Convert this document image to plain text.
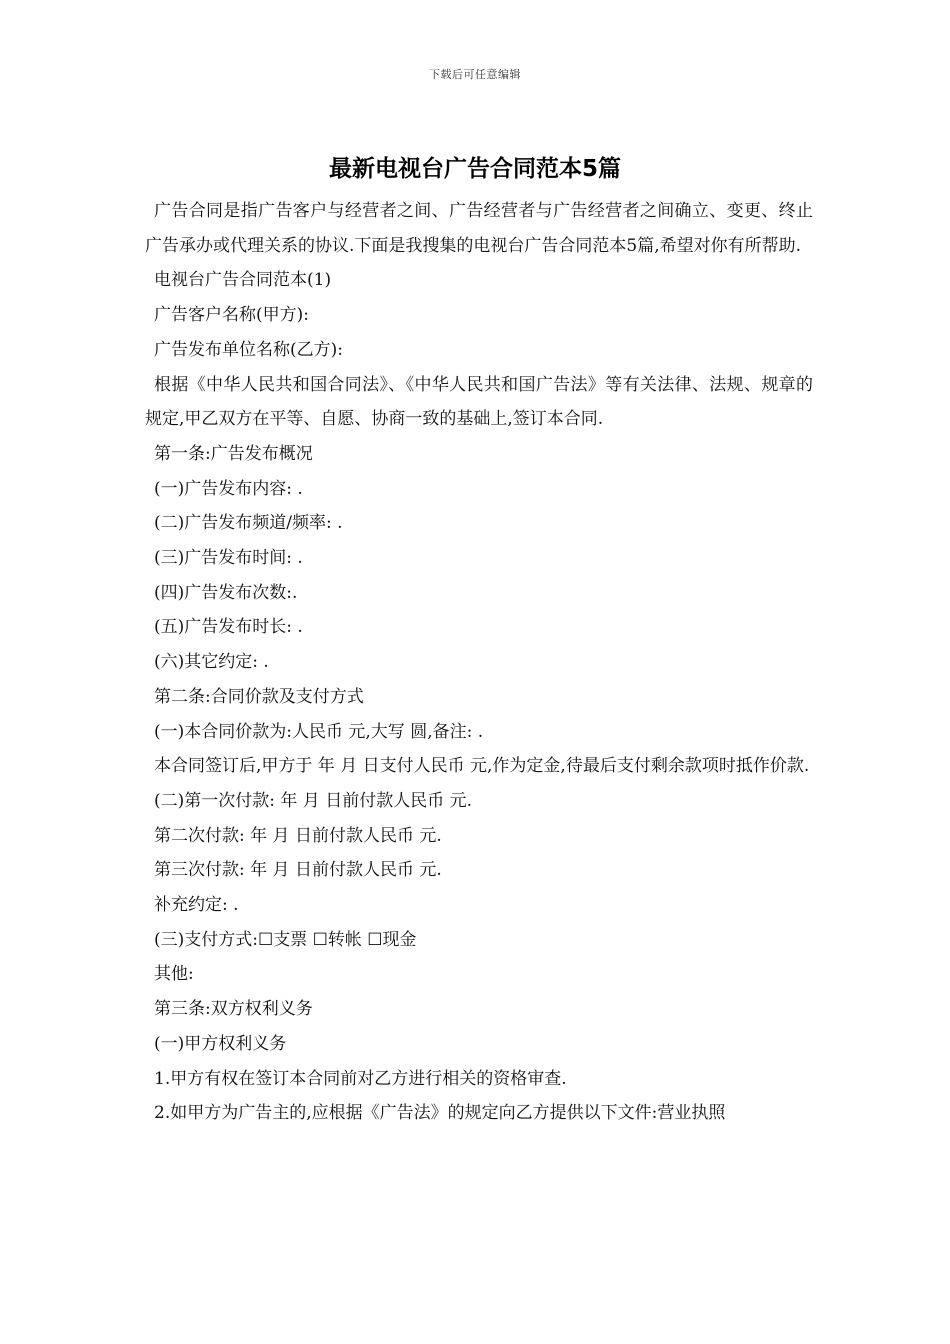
下载后可任意编辑
最新电视台广告合同范本5篇

广告合同是指广告客户与经营者之间、广告经营者与广告经营者之间确立、变更、终止广告承办或代理关系的协议.下面是我搜集的电视台广告合同范本5篇,希望对你有所帮助.

电视台广告合同范本(1)

广告客户名称(甲方):

广告发布单位名称(乙方):

根据《中华人民共和国合同法》、《中华人民共和国广告法》等有关法律、法规、规章的规定,甲乙双方在平等、自愿、协商一致的基础上,签订本合同.

第一条:广告发布概况

(一)广告发布内容: .

(二)广告发布频道/频率: .

(三)广告发布时间: .

(四)广告发布次数:.

(五)广告发布时长: .

(六)其它约定: .

第二条:合同价款及支付方式

(一)本合同价款为:人民币 元,大写 圆,备注: .

本合同签订后,甲方于 年 月 日支付人民币 元,作为定金,待最后支付剩余款项时抵作价款.

(二)第一次付款: 年 月 日前付款人民币 元.

第二次付款: 年 月 日前付款人民币 元.

第三次付款: 年 月 日前付款人民币 元.

补充约定: .

(三)支付方式:☐支票 ☐转帐 ☐现金

其他:

第三条:双方权利义务

(一)甲方权利义务

1.甲方有权在签订本合同前对乙方进行相关的资格审查.

2.如甲方为广告主的,应根据《广告法》的规定向乙方提供以下文件:营业执照
